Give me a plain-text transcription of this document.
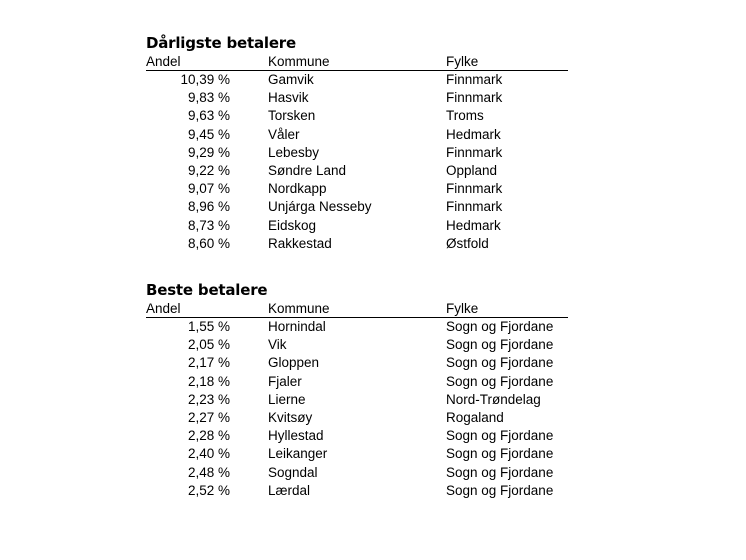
Dårligste betalere
Andel	Kommune	Fylke
10,39 %	Gamvik	Finnmark
9,83 %	Hasvik	Finnmark
9,63 %	Torsken	Troms
9,45 %	Våler	Hedmark
9,29 %	Lebesby	Finnmark
9,22 %	Søndre Land	Oppland
9,07 %	Nordkapp	Finnmark
8,96 %	Unjárga Nesseby	Finnmark
8,73 %	Eidskog	Hedmark
8,60 %	Rakkestad	Østfold
Beste betalere
Andel	Kommune	Fylke
1,55 %	Hornindal	Sogn og Fjordane
2,05 %	Vik	Sogn og Fjordane
2,17 %	Gloppen	Sogn og Fjordane
2,18 %	Fjaler	Sogn og Fjordane
2,23 %	Lierne	Nord-Trøndelag
2,27 %	Kvitsøy	Rogaland
2,28 %	Hyllestad	Sogn og Fjordane
2,40 %	Leikanger	Sogn og Fjordane
2,48 %	Sogndal	Sogn og Fjordane
2,52 %	Lærdal	Sogn og Fjordane
